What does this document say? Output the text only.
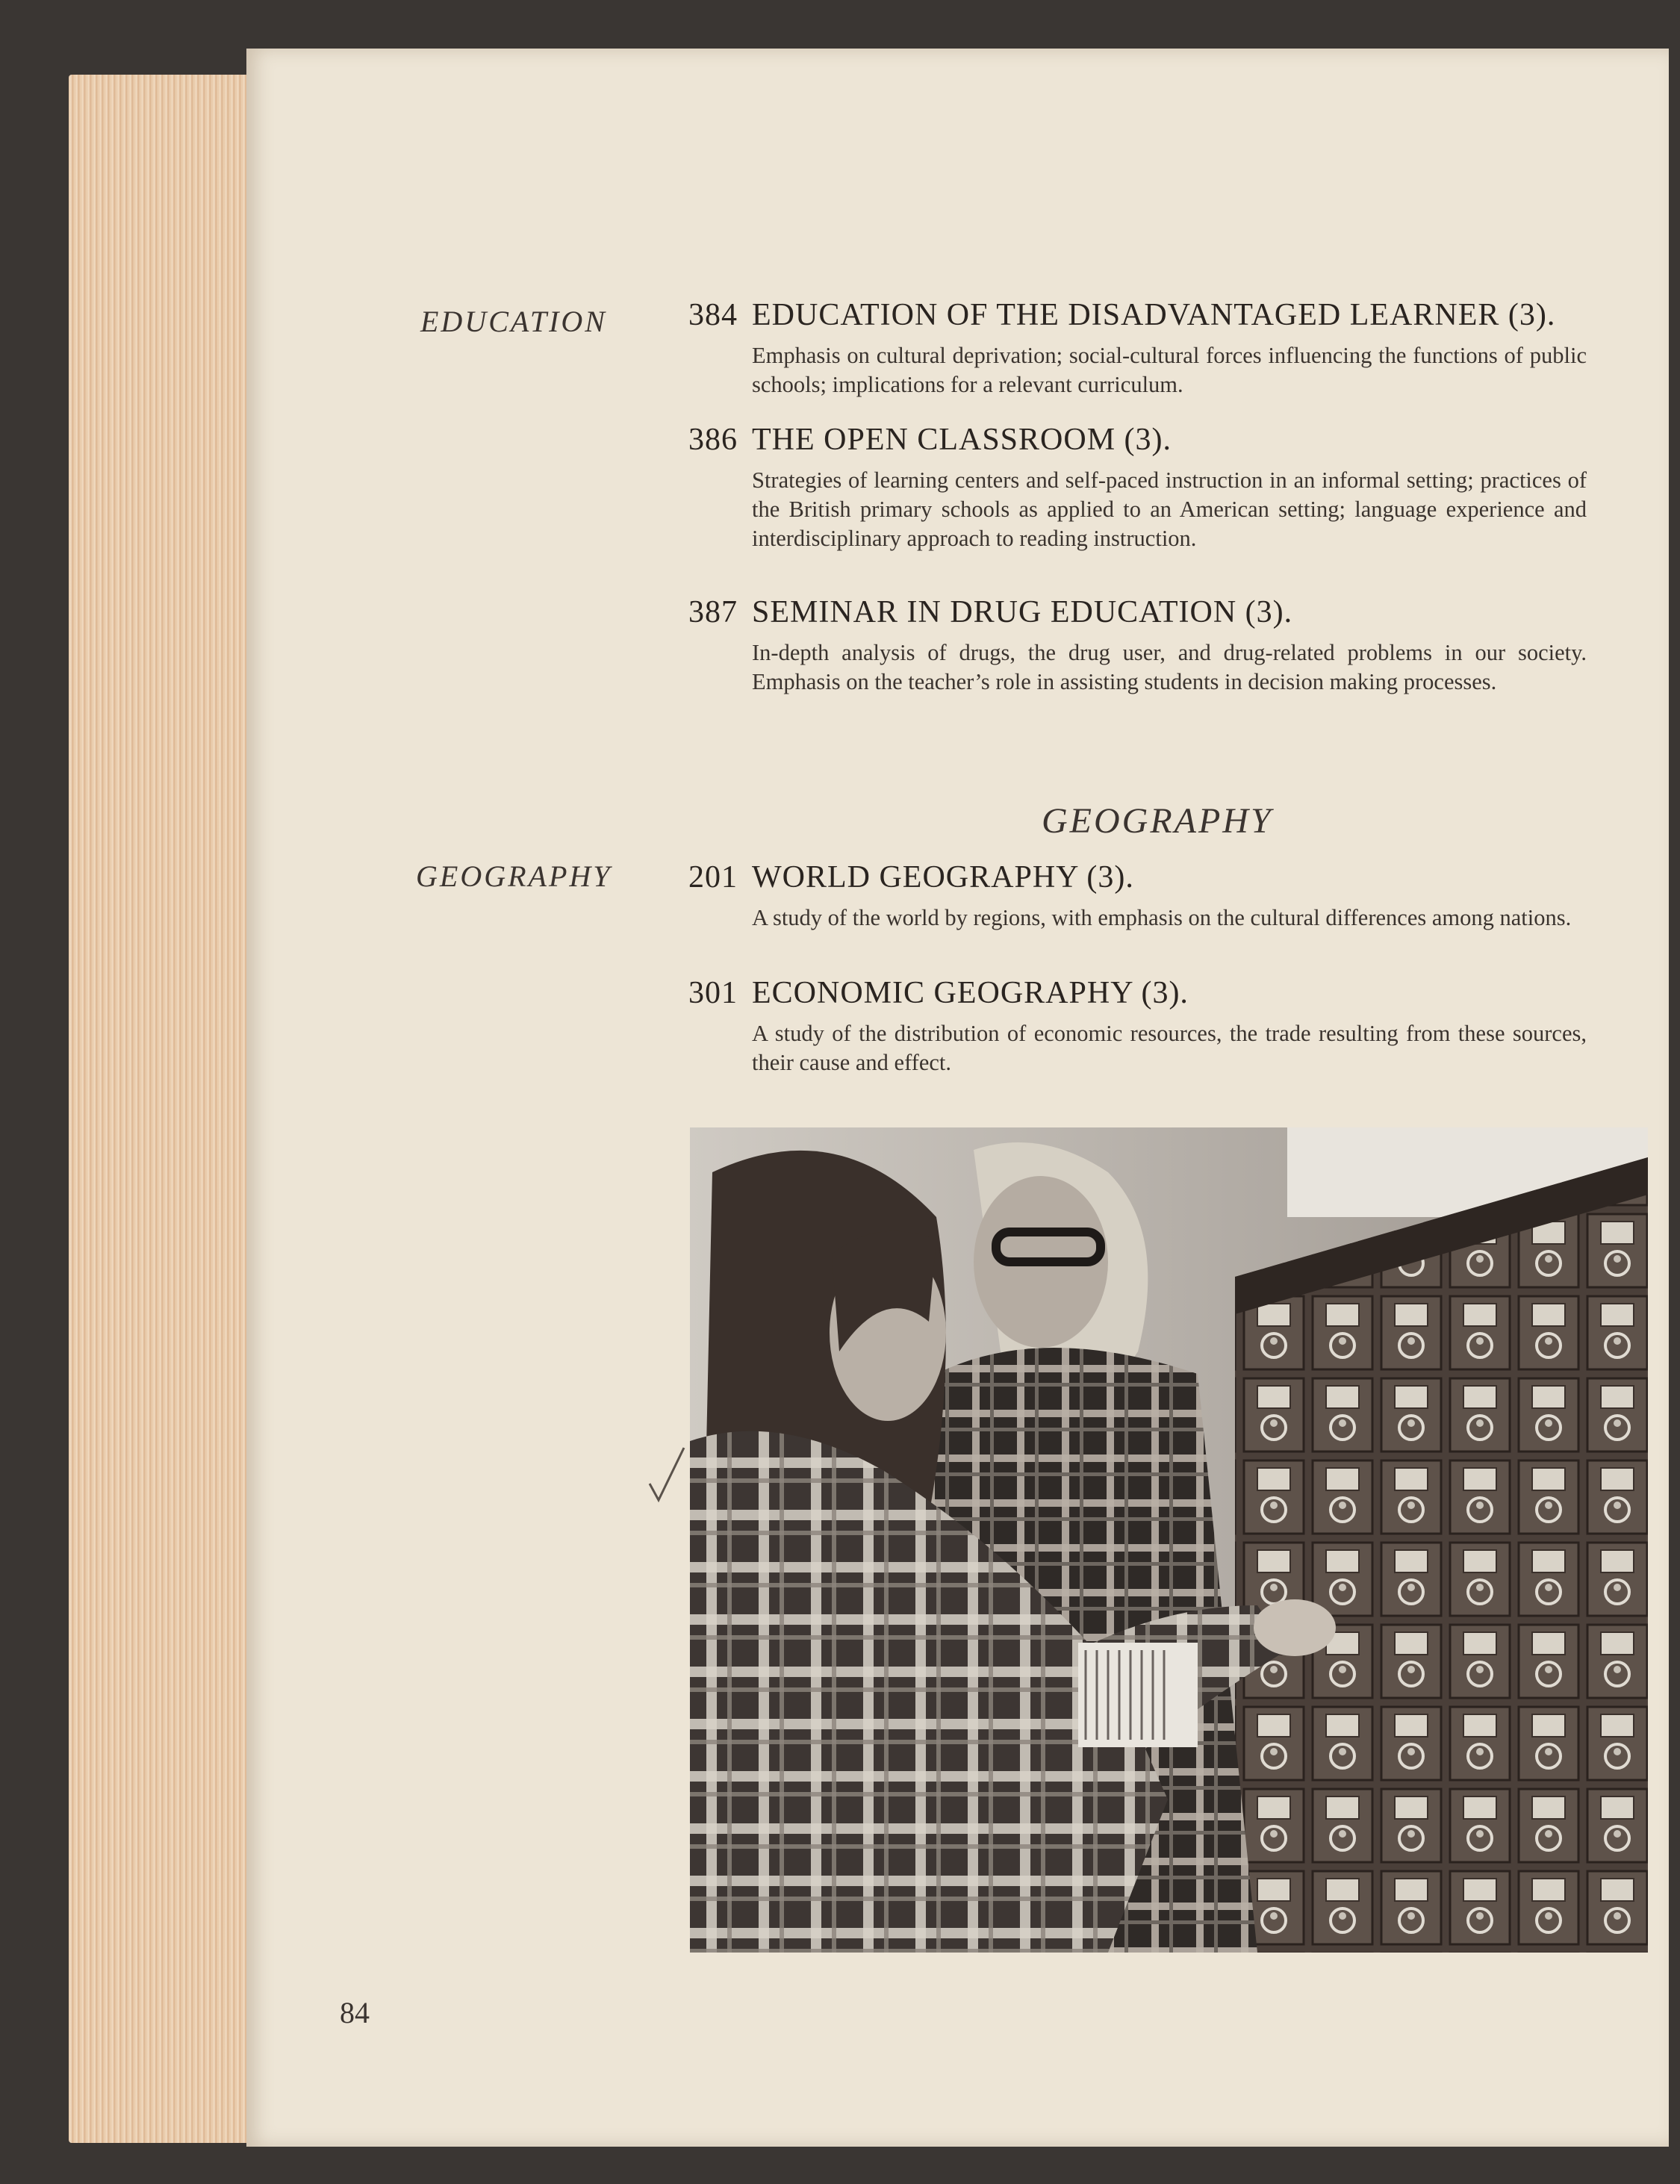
EDUCATION
GEOGRAPHY
384 EDUCATION OF THE DISADVANTAGED LEARNER (3).
Emphasis on cultural deprivation; social-cultural forces influencing the functions of public schools; implications for a relevant curriculum.
386 THE OPEN CLASSROOM (3).
Strategies of learning centers and self-paced instruction in an informal setting; practices of the British primary schools as applied to an American setting; language experience and interdisciplinary approach to reading instruction.
387 SEMINAR IN DRUG EDUCATION (3).
In-depth analysis of drugs, the drug user, and drug-related problems in our society. Emphasis on the teacher’s role in assisting students in decision making processes.
GEOGRAPHY
201 WORLD GEOGRAPHY (3).
A study of the world by regions, with emphasis on the cultural differences among nations.
301 ECONOMIC GEOGRAPHY (3).
A study of the distribution of economic resources, the trade resulting from these sources, their cause and effect.
84
